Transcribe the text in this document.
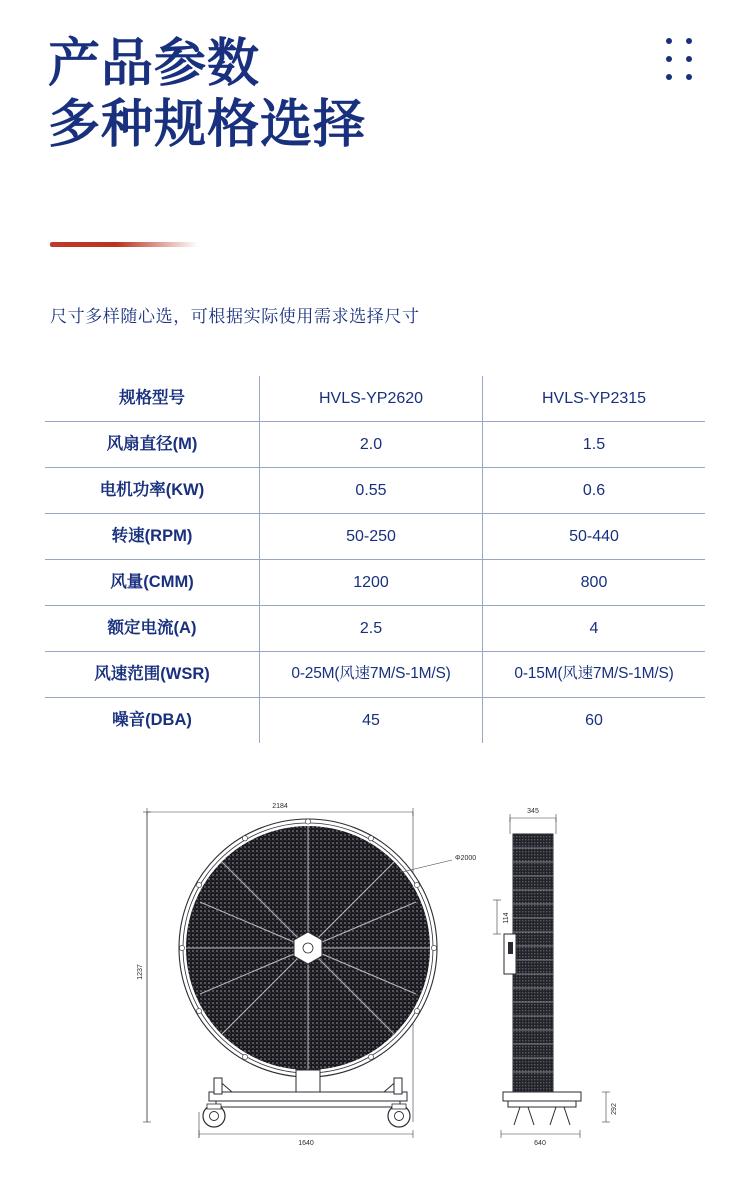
产品参数
多种规格选择
尺寸多样随心选，可根据实际使用需求选择尺寸
规格型号	HVLS-YP2620	HVLS-YP2315
风扇直径(M)	2.0	1.5
电机功率(KW)	0.55	0.6
转速(RPM)	50-250	50-440
风量(CMM)	1200	800
额定电流(A)	2.5	4
风速范围(WSR)	0-25M(风速7M/S-1M/S)	0-15M(风速7M/S-1M/S)
噪音(DBA)	45	60
2184
1237
1640
Φ2000
345
114
640
292
